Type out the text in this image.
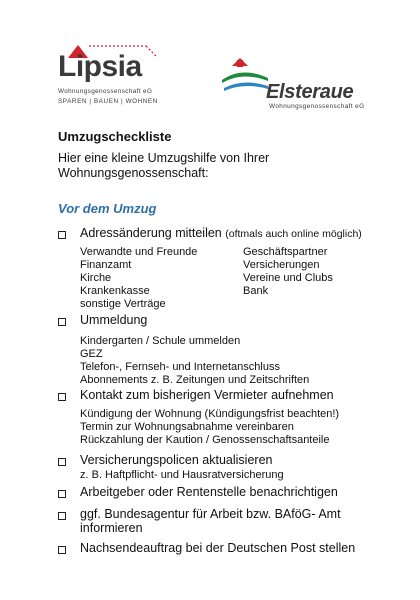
Lipsia
Wohnungsgenossenschaft eG
SPAREN | BAUEN | WOHNEN	Elsteraue
Wohnungsgenossenschaft eG
Umzugscheckliste
Hier eine kleine Umzugshilfe von Ihrer Wohnungsgenossenschaft:
Vor dem Umzug
Adressänderung mitteilen (oftmals auch online möglich)
Verwandte und Freunde
Finanzamt
Kirche
Krankenkasse
sonstige Verträge
Geschäftspartner
Versicherungen
Vereine und Clubs
Bank
Ummeldung
Kindergarten / Schule ummelden
GEZ
Telefon-, Fernseh- und Internetanschluss
Abonnements z. B. Zeitungen und Zeitschriften
Kontakt zum bisherigen Vermieter aufnehmen
Kündigung der Wohnung (Kündigungsfrist beachten!)
Termin zur Wohnungsabnahme vereinbaren
Rückzahlung der Kaution / Genossenschaftsanteile
Versicherungspolicen aktualisieren
z. B. Haftpflicht- und Hausratversicherung
Arbeitgeber oder Rentenstelle benachrichtigen
ggf. Bundesagentur für Arbeit bzw. BAföG- Amt
informieren
Nachsendeauftrag bei der Deutschen Post stellen
